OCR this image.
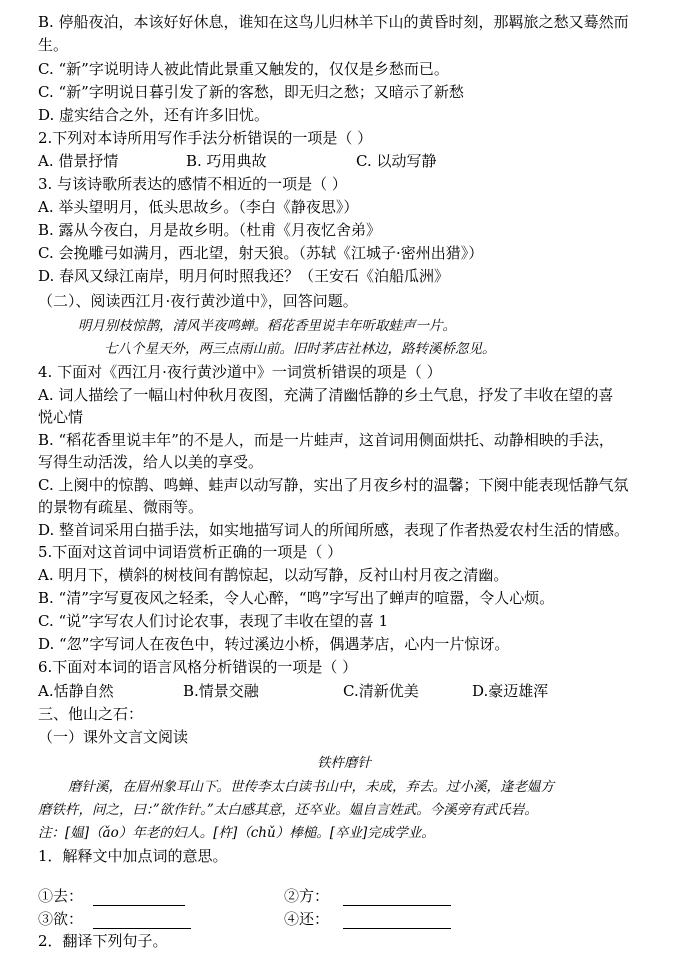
B. 停船夜泊，本该好好休息，谁知在这鸟儿归林羊下山的黄昏时刻，那羁旅之愁又蓦然而
生。
C. “新”字说明诗人被此情此景重又触发的，仅仅是乡愁而已。
C. “新”字明说日暮引发了新的客愁，即无归之愁；又暗示了新愁
D. 虚实结合之外，还有许多旧忧。
2.下列对本诗所用写作手法分析错误的一项是（ ）
A. 借景抒情	B. 巧用典故	C. 以动写静
3. 与该诗歌所表达的感情不相近的一项是（ ）
A. 举头望明月，低头思故乡。（李白《静夜思》）
B. 露从今夜白，月是故乡明。（杜甫《月夜忆舍弟》
C. 会挽雕弓如满月，西北望，射天狼。（苏轼《江城子·密州出猎》）
D. 春风又绿江南岸，明月何时照我还？（王安石《泊船瓜洲》
（二）、阅读西江月·夜行黄沙道中》，回答问题。
明月别枝惊鹊，清风半夜鸣蝉。稻花香里说丰年听取蛙声一片。
七八个星天外，两三点雨山前。旧时茅店社林边，路转溪桥忽见。
4. 下面对《西江月·夜行黄沙道中》一词赏析错误的项是（ ）
A. 词人描绘了一幅山村仲秋月夜图，充满了清幽恬静的乡土气息，抒发了丰收在望的喜
悦心情
B. “稻花香里说丰年”的不是人，而是一片蛙声，这首词用侧面烘托、动静相映的手法，
写得生动活泼，给人以美的享受。
C. 上阕中的惊鹊、鸣蝉、蛙声以动写静，实出了月夜乡村的温馨；下阕中能表现恬静气氛
的景物有疏星、微雨等。
D. 整首词采用白描手法，如实地描写词人的所闻所感，表现了作者热爱农村生活的情感。
5.下面对这首词中词语赏析正确的一项是（ ）
A. 明月下，横斜的树枝间有鹊惊起，以动写静，反衬山村月夜之清幽。
B. “清”字写夏夜风之轻柔，令人心醉，“鸣”字写出了蝉声的喧嚣，令人心烦。
C. “说”字写农人们讨论农事，表现了丰收在望的喜 1
D. “忽”字写词人在夜色中，转过溪边小桥，偶遇茅店，心内一片惊讶。
6.下面对本词的语言风格分析错误的一项是（ ）
A.恬静自然	B.情景交融	C.清新优美	D.豪迈雄浑
三、他山之石：
（一）课外文言文阅读
铁杵磨针
磨针溪，在眉州象耳山下。世传李太白读书山中，未成，弃去。过小溪，逢老媪方
磨铁杵，问之，曰：”欲作针。”太白感其意，还卒业。媪自言姓武。今溪旁有武氏岩。
注：[媪]（ǎo）年老的妇人。[杵]（chǔ）棒槌。[卒业]完成学业。
1．解释文中加点词的意思。
①去：	②方：
③欲：	④还：
2．翻译下列句子。
